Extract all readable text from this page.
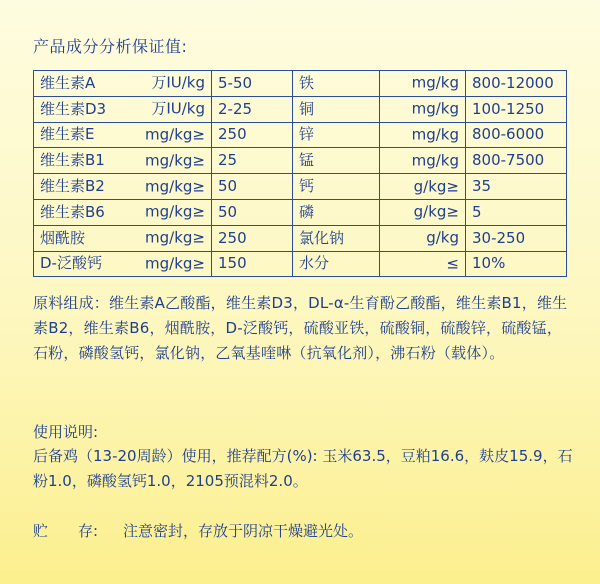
产品成分分析保证值:
维生素A 万IU/kg	5-50	铁	mg/kg	800-12000
维生素D3 万IU/kg	2-25	铜	mg/kg	100-1250
维生素E mg/kg≥	250	锌	mg/kg	800-6000
维生素B1 mg/kg≥	25	锰	mg/kg	800-7500
维生素B2 mg/kg≥	50	钙	g/kg≥	35
维生素B6 mg/kg≥	50	磷	g/kg≥	5
烟酰胺 mg/kg≥	250	氯化钠	g/kg	30-250
D-泛酸钙 mg/kg≥	150	水分	≤	10%

原料组成：维生素A乙酸酯，维生素D3，DL-α-生育酚乙酸酯，维生素B1，维生素B2，维生素B6，烟酰胺，D-泛酸钙，硫酸亚铁，硫酸铜，硫酸锌，硫酸锰，石粉，磷酸氢钙，氯化钠，乙氧基喹啉（抗氧化剂），沸石粉（载体）。

使用说明:

后备鸡（13-20周龄）使用，推荐配方(%): 玉米63.5，豆粕16.6，麸皮15.9，石粉1.0，磷酸氢钙1.0，2105预混料2.0。

贮　　存: 注意密封，存放于阴凉干燥避光处。
